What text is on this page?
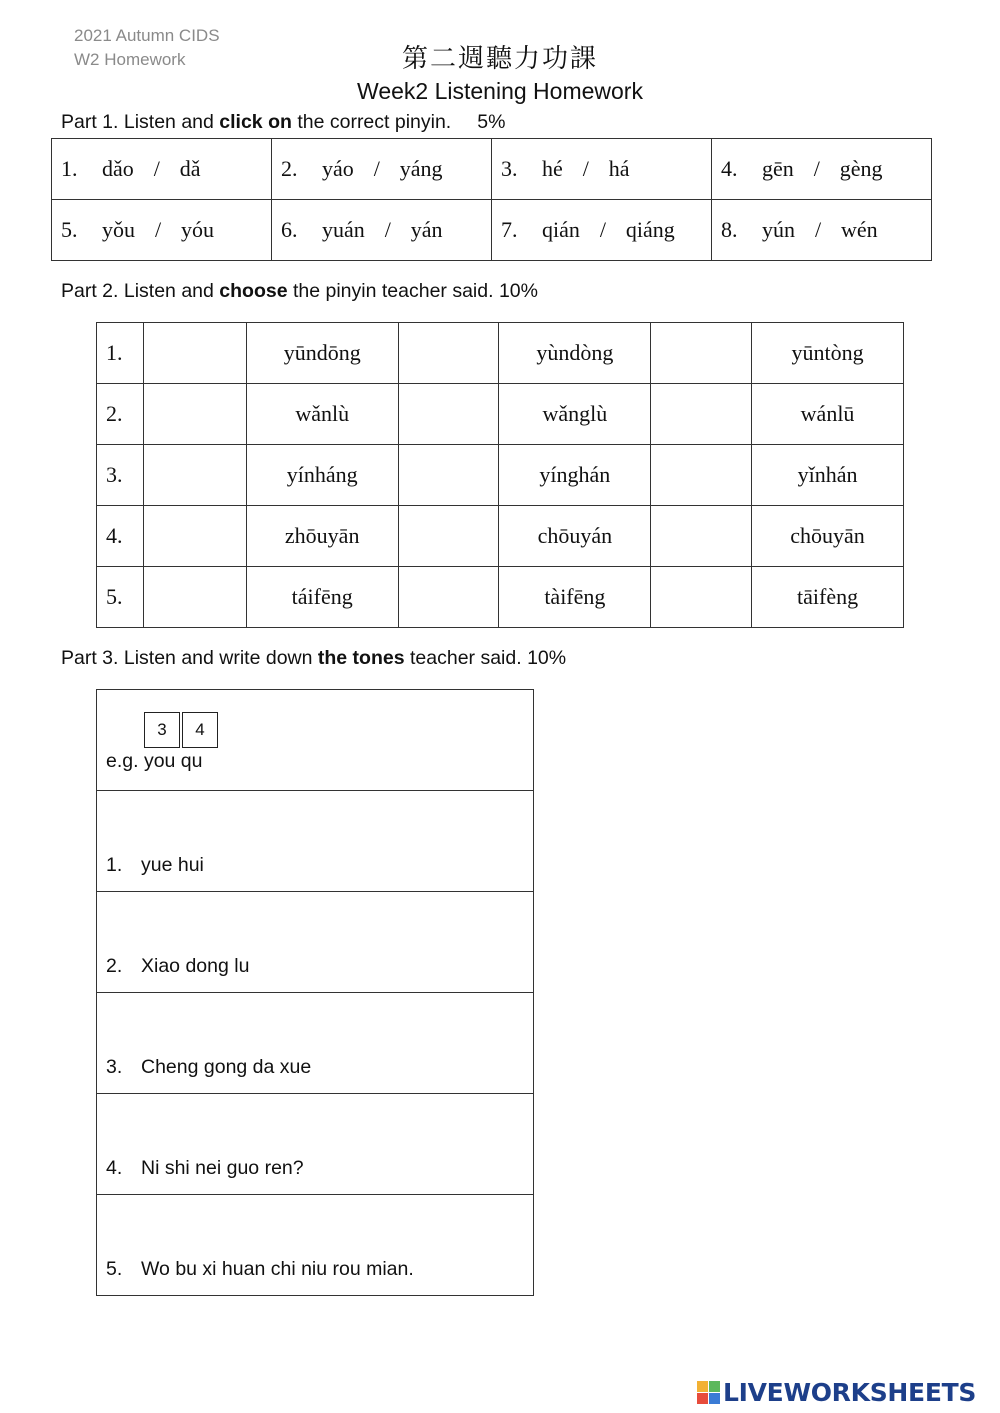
2021 Autumn CIDS
W2 Homework	第二週聽力功課
Week2 Listening Homework
Part 1. Listen and click on the correct pinyin. 5%
1. dǎo / dǎ	2. yáo / yáng	3. hé / há	4. gēn / gèng

5. yǒu / yóu	6. yuán / yán	7. qián / qiáng	8. yún / wén
Part 2. Listen and choose the pinyin teacher said. 10%
1.		yūndōng		yùndòng		yūntòng
2.		wǎnlù		wǎnglù		wánlū
3.		yínháng		yínghán		yǐnhán
4.		zhōuyān		chōuyán		chōuyān
5.		táifēng		tàifēng		tāifèng
Part 3. Listen and write down the tones teacher said. 10%
3	4
e.g. you qu

1. yue hui

2. Xiao dong lu

3. Cheng gong da xue

4. Ni shi nei guo ren?

5. Wo bu xi huan chi niu rou mian.
LIVEWORKSHEETS
